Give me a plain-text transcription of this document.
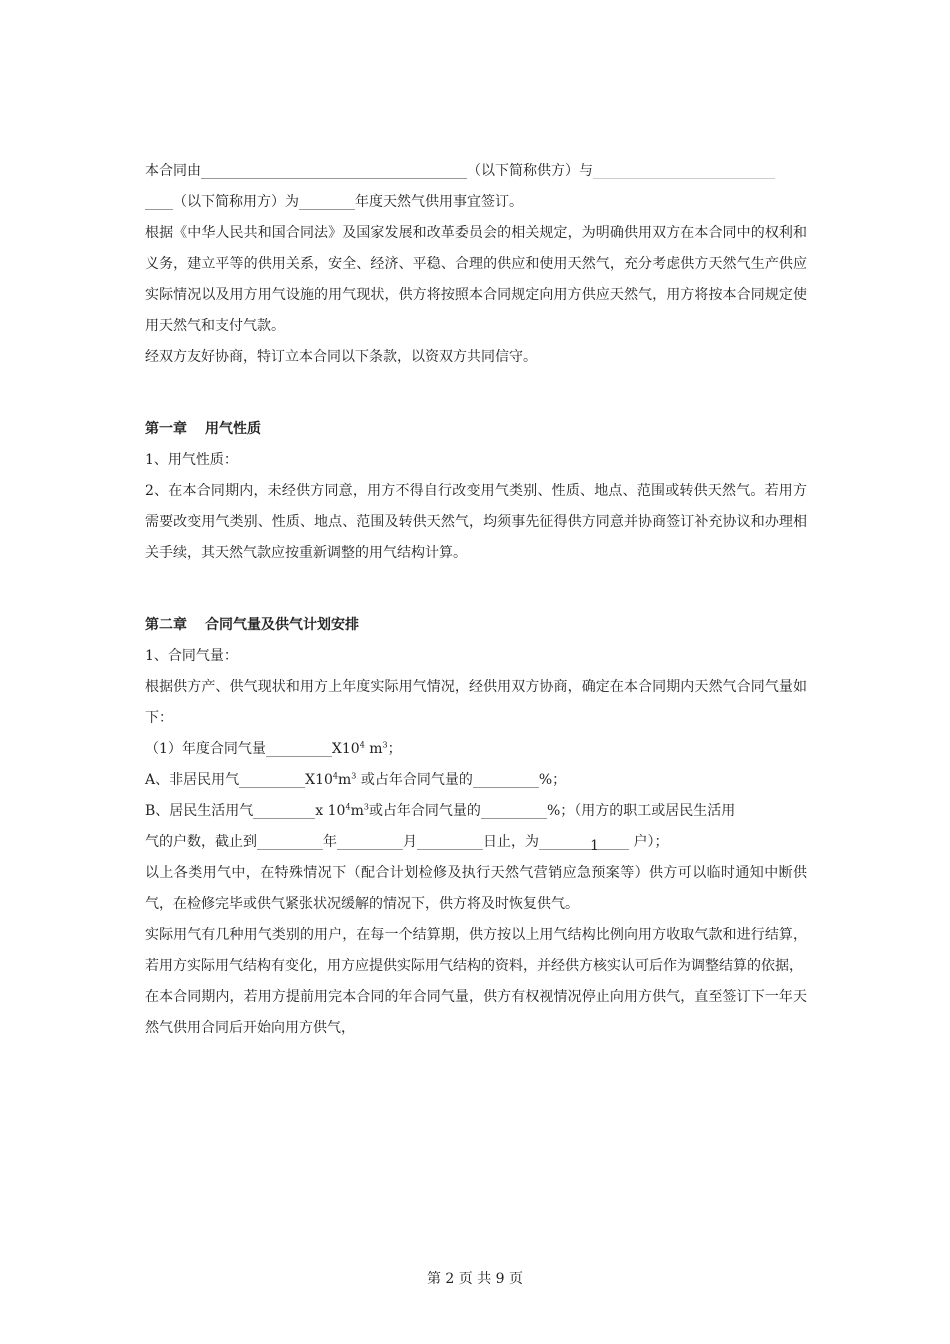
本合同由	（以下简称供方）与
（以下简称用方）为	年度天然气供用事宜签订。
根据《中华人民共和国合同法》及国家发展和改革委员会的相关规定，为明确供用双方在本合同中的权利和义务，建立平等的供用关系，安全、经济、平稳、合理的供应和使用天然气，充分考虑供方天然气生产供应实际情况以及用方用气设施的用气现状，供方将按照本合同规定向用方供应天然气，用方将按本合同规定使用天然气和支付气款。
经双方友好协商，特订立本合同以下条款，以资双方共同信守。
第一章 用气性质
1、用气性质：
2、在本合同期内，未经供方同意，用方不得自行改变用气类别、性质、地点、范围或转供天然气。若用方需要改变用气类别、性质、地点、范围及转供天然气，均须事先征得供方同意并协商签订补充协议和办理相关手续，其天然气款应按重新调整的用气结构计算。
第二章 合同气量及供气计划安排
1、合同气量：
根据供方产、供气现状和用方上年度实际用气情况，经供用双方协商，确定在本合同期内天然气合同气量如下：
（1）年度合同气量	$X10^4$ $m^3$；
A、非居民用气	$X10^4m^3$ 或占年合同气量的	%；
B、居民生活用气	x $10^4m^3$或占年合同气量的	%；（用方的职工或居民生活用
气的户数，截止到	年	月	日止，为	1 户）；
以上各类用气中，在特殊情况下（配合计划检修及执行天然气营销应急预案等）供方可以临时通知中断供气，在检修完毕或供气紧张状况缓解的情况下，供方将及时恢复供气。
实际用气有几种用气类别的用户，在每一个结算期，供方按以上用气结构比例向用方收取气款和进行结算，若用方实际用气结构有变化，用方应提供实际用气结构的资料，并经供方核实认可后作为调整结算的依据，
在本合同期内，若用方提前用完本合同的年合同气量，供方有权视情况停止向用方供气，直至签订下一年天然气供用合同后开始向用方供气，
第 2 页 共 9 页
